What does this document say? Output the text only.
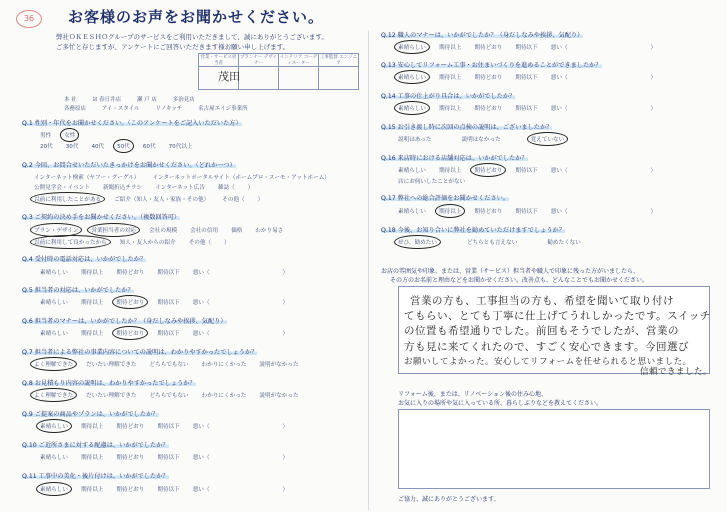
36	お客様のお声をお聞かせください。
弊社ＯＫＥＳＨＯグループのサービスをご利用いただきまして、誠にありがとうございます。
ご多忙と存じますが、アンケートにご回答いただきます様お願い申し上げます。
営業・サービス担当者	プランナー デザイナー	インテリア コーディネーター	工事監督 エンジニア

茂田
本 社	☑ 春日井店	瀬 戸 店	多治見店
各務原店	アイ・スタイル	リノキッチ	名古屋エイジ事業所
Q.1 性別・年代をお聞かせください。（このアンケートをご記入いただいた方）
男性 女性
20代 30代 40代 50代 60代 70代以上
Q.2 今回、お問合せいただいたきっかけをお聞かせください。（どれか一つ）
インターネット検索（ヤフー・グーグル） インターネットポータルサイト（ホームプロ・スーモ・アットホーム）
公開見学会・イベント 新聞折込チラシ インターネット広告 雑誌（ ）
以前に利用したことがある ご紹介（知人・友人・家族・その他） その他（ ）
Q.3 ご契約の決め手をお聞かせください。（複数回答可）
プラン・デザイン 営業担当者の対応 会社の規模 会社の信用 価格 わかり易さ
以前に利用して良かったから 知人・友人からの紹介 その他（ ）
Q.4 受付時の電話対応は、いかがでしたか？
素晴らしい 期待以上 期待どおり 期待以下 悪い（	）
Q.5 担当者の対応は、いかがでしたか？
素晴らしい 期待以上 期待どおり 期待以下 悪い（	）
Q.6 担当者のマナーは、いかがでしたか？（身だしなみや挨拶、気配り）
素晴らしい 期待以上 期待どおり 期待以下 悪い（	）
Q.7 担当者による弊社の事業内容についての説明は、わかりやすかったでしょうか？
よく理解できた だいたい理解できた どちらでもない わかりにくかった 説明がなかった
Q.8 お見積もり内容の説明は、わかりやすかったでしょうか？
よく理解できた だいたい理解できた どちらでもない わかりにくかった 説明がなかった
Q.9 ご提案の商品やプランは、いかがでしたか？
素晴らしい 期待以上 期待どおり 期待以下 悪い（	）
Q.10 ご近所さまに対する配慮は、いかがでしたか？
素晴らしい 期待以上 期待どおり 期待以下 悪い（	）
Q.11 工事中の美化・後片付けは、いかがでしたか？
素晴らしい 期待以上 期待どおり 期待以下 悪い（	）
Q.12 職人のマナーは、いかがでしたか？（身だしなみや挨拶、気配り）
素晴らしい 期待以上 期待どおり 期待以下 悪い（	）
Q.13 安心してリフォーム工事・お住まいづくりを進めることができましたか？
素晴らしい 期待以上 期待どおり 期待以下 悪い（	）
Q.14 工事の仕上がり具合は、いかがでしたか？
素晴らしい 期待以上 期待どおり 期待以下 悪い（	）
Q.15 お引き渡し時に次回の点検の説明は、ございましたか？
説明はあった	説明はなかった	覚えていない
Q.16 来店時における店舗対応は、いかがでしたか？
素晴らしい 期待以上 期待どおり 期待以下 悪い（	）
店にお伺いしたことがない
Q.17 弊社への総合評価をお聞かせください。
素晴らしい 期待以上 期待どおり 期待以下 悪い（	）
Q.18 今後、お知り合いに弊社を勧めていただけますでしょうか？
ぜひ、勧めたい	どちらとも言えない	勧めたくない
お店の雰囲気や印象、または、営業（サービス）担当者や職人で印象に残った方がいましたら、
その方のお名前と理由などをお聞かせください。改善点も、どんなことでもお聞かせください。
営業の方も、工事担当の方も、希望を聞いて取り付け
てもらい、とても丁寧に仕上げてうれしかったです。スイッチ
の位置も希望通りでした。前回もそうでしたが、営業の
方も見に来てくれたので、すごく安心できます。今回選び
お願いしてよかった。安心してリフォームを任せられると思いました。
信頼できました。
リフォーム後、または、リノベーション後の住み心地、
お気に入りの場所や気に入っている所、暮らしぶりなどを教えてください。
ご協力、誠にありがとうございます。
